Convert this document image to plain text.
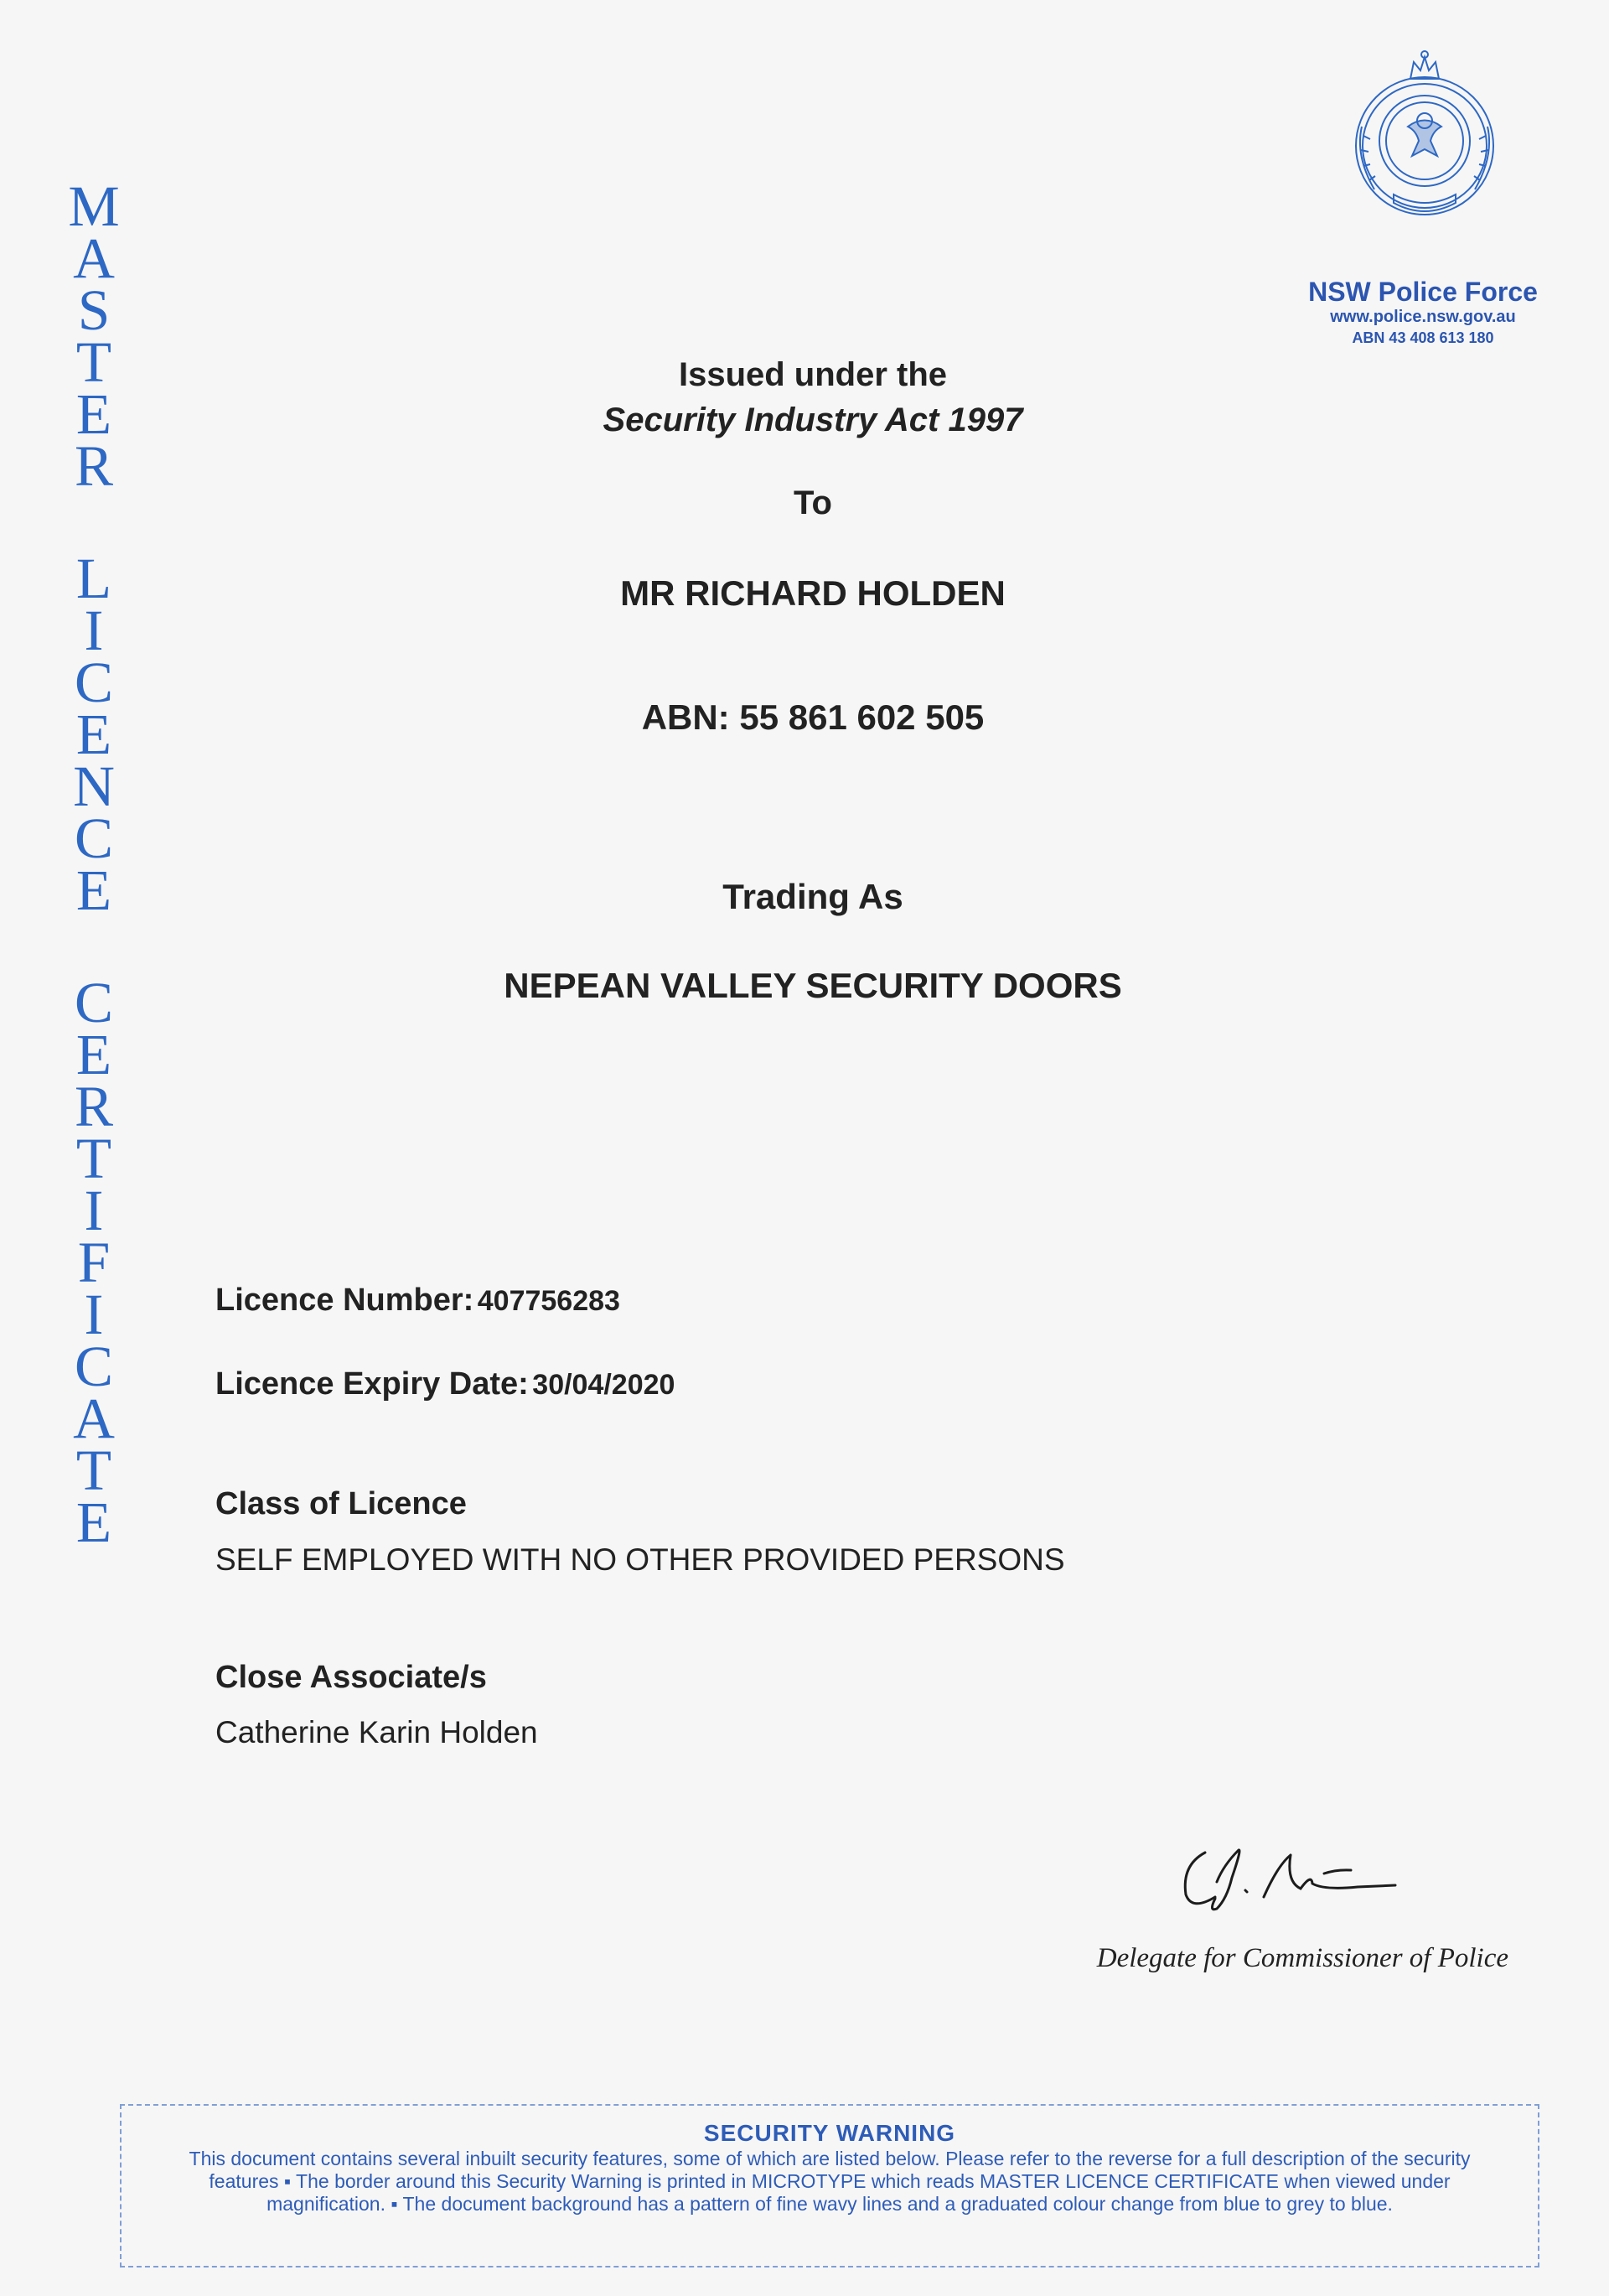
M
A
S
T
E
R
L
I
C
E
N
C
E
C
E
R
T
I
F
I
C
A
T
E
NSW Police Force
www.police.nsw.gov.au
ABN 43 408 613 180
Issued under the
Security Industry Act 1997
To
MR RICHARD HOLDEN
ABN: 55 861 602 505
Trading As
NEPEAN VALLEY SECURITY DOORS
Licence Number: 407756283
Licence Expiry Date: 30/04/2020
Class of Licence
SELF EMPLOYED WITH NO OTHER PROVIDED PERSONS
Close Associate/s
Catherine Karin Holden
Delegate for Commissioner of Police
SECURITY WARNING
This document contains several inbuilt security features, some of which are listed below. Please refer to the reverse for a full description of the security features ▪ The border around this Security Warning is printed in MICROTYPE which reads MASTER LICENCE CERTIFICATE when viewed under magnification. ▪ The document background has a pattern of fine wavy lines and a graduated colour change from blue to grey to blue.
